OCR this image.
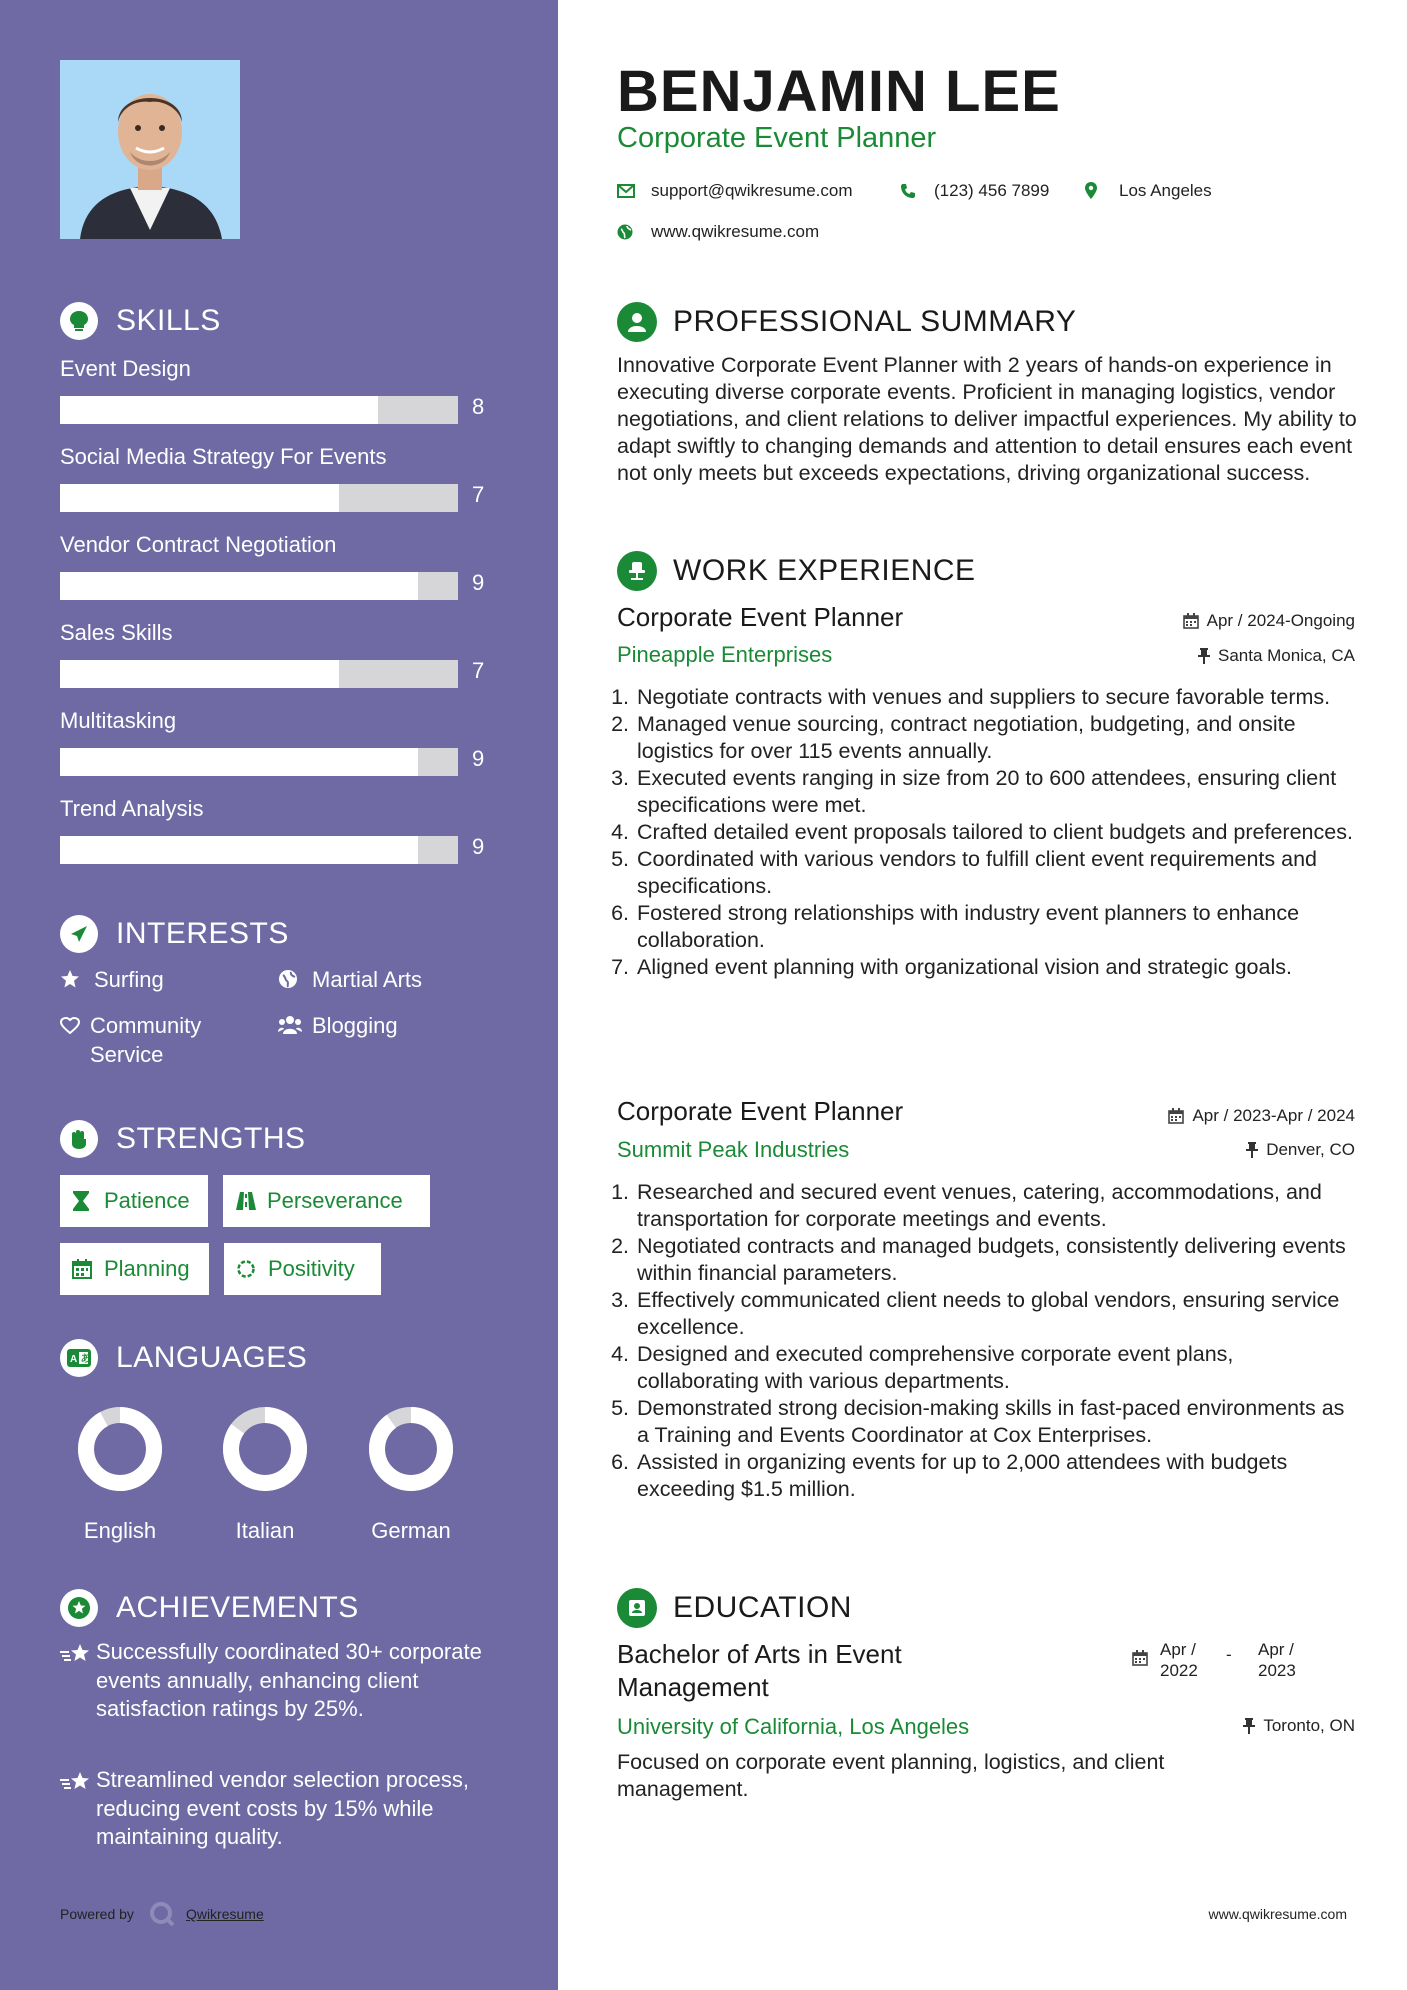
SKILLS
Event Design
8
Social Media Strategy For Events
7
Vendor Contract Negotiation
9
Sales Skills
7
Multitasking
9
Trend Analysis
9
INTERESTS
Surfing	Martial Arts
Community Service
Blogging
STRENGTHS
Patience	Perseverance
Planning	Positivity
A あ LANGUAGES
English	Italian	German
ACHIEVEMENTS
Successfully coordinated 30+ corporate events annually, enhancing client satisfaction ratings by 25%.
Streamlined vendor selection process, reducing event costs by 15% while maintaining quality.
Powered by	Qwikresume
BENJAMIN LEE
Corporate Event Planner
support@qwikresume.com	(123) 456 7899	Los Angeles
www.qwikresume.com
PROFESSIONAL SUMMARY
Innovative Corporate Event Planner with 2 years of hands-on experience in executing diverse corporate events. Proficient in managing logistics, vendor negotiations, and client relations to deliver impactful experiences. My ability to adapt swiftly to changing demands and attention to detail ensures each event not only meets but exceeds expectations, driving organizational success.
WORK EXPERIENCE
Corporate Event Planner	Apr / 2024-Ongoing
Pineapple Enterprises	Santa Monica, CA
1. Negotiate contracts with venues and suppliers to secure favorable terms.
2. Managed venue sourcing, contract negotiation, budgeting, and onsite logistics for over 115 events annually.
3. Executed events ranging in size from 20 to 600 attendees, ensuring client specifications were met.
4. Crafted detailed event proposals tailored to client budgets and preferences.
5. Coordinated with various vendors to fulfill client event requirements and specifications.
6. Fostered strong relationships with industry event planners to enhance collaboration.
7. Aligned event planning with organizational vision and strategic goals.
Corporate Event Planner	Apr / 2023-Apr / 2024
Summit Peak Industries	Denver, CO
1. Researched and secured event venues, catering, accommodations, and transportation for corporate meetings and events.
2. Negotiated contracts and managed budgets, consistently delivering events within financial parameters.
3. Effectively communicated client needs to global vendors, ensuring service excellence.
4. Designed and executed comprehensive corporate event plans, collaborating with various departments.
5. Demonstrated strong decision-making skills in fast-paced environments as a Training and Events Coordinator at Cox Enterprises.
6. Assisted in organizing events for up to 2,000 attendees with budgets exceeding $1.5 million.
EDUCATION
Bachelor of Arts in Event Management
Apr / 2022
- Apr / 2023
University of California, Los Angeles	Toronto, ON
Focused on corporate event planning, logistics, and client management.
www.qwikresume.com
